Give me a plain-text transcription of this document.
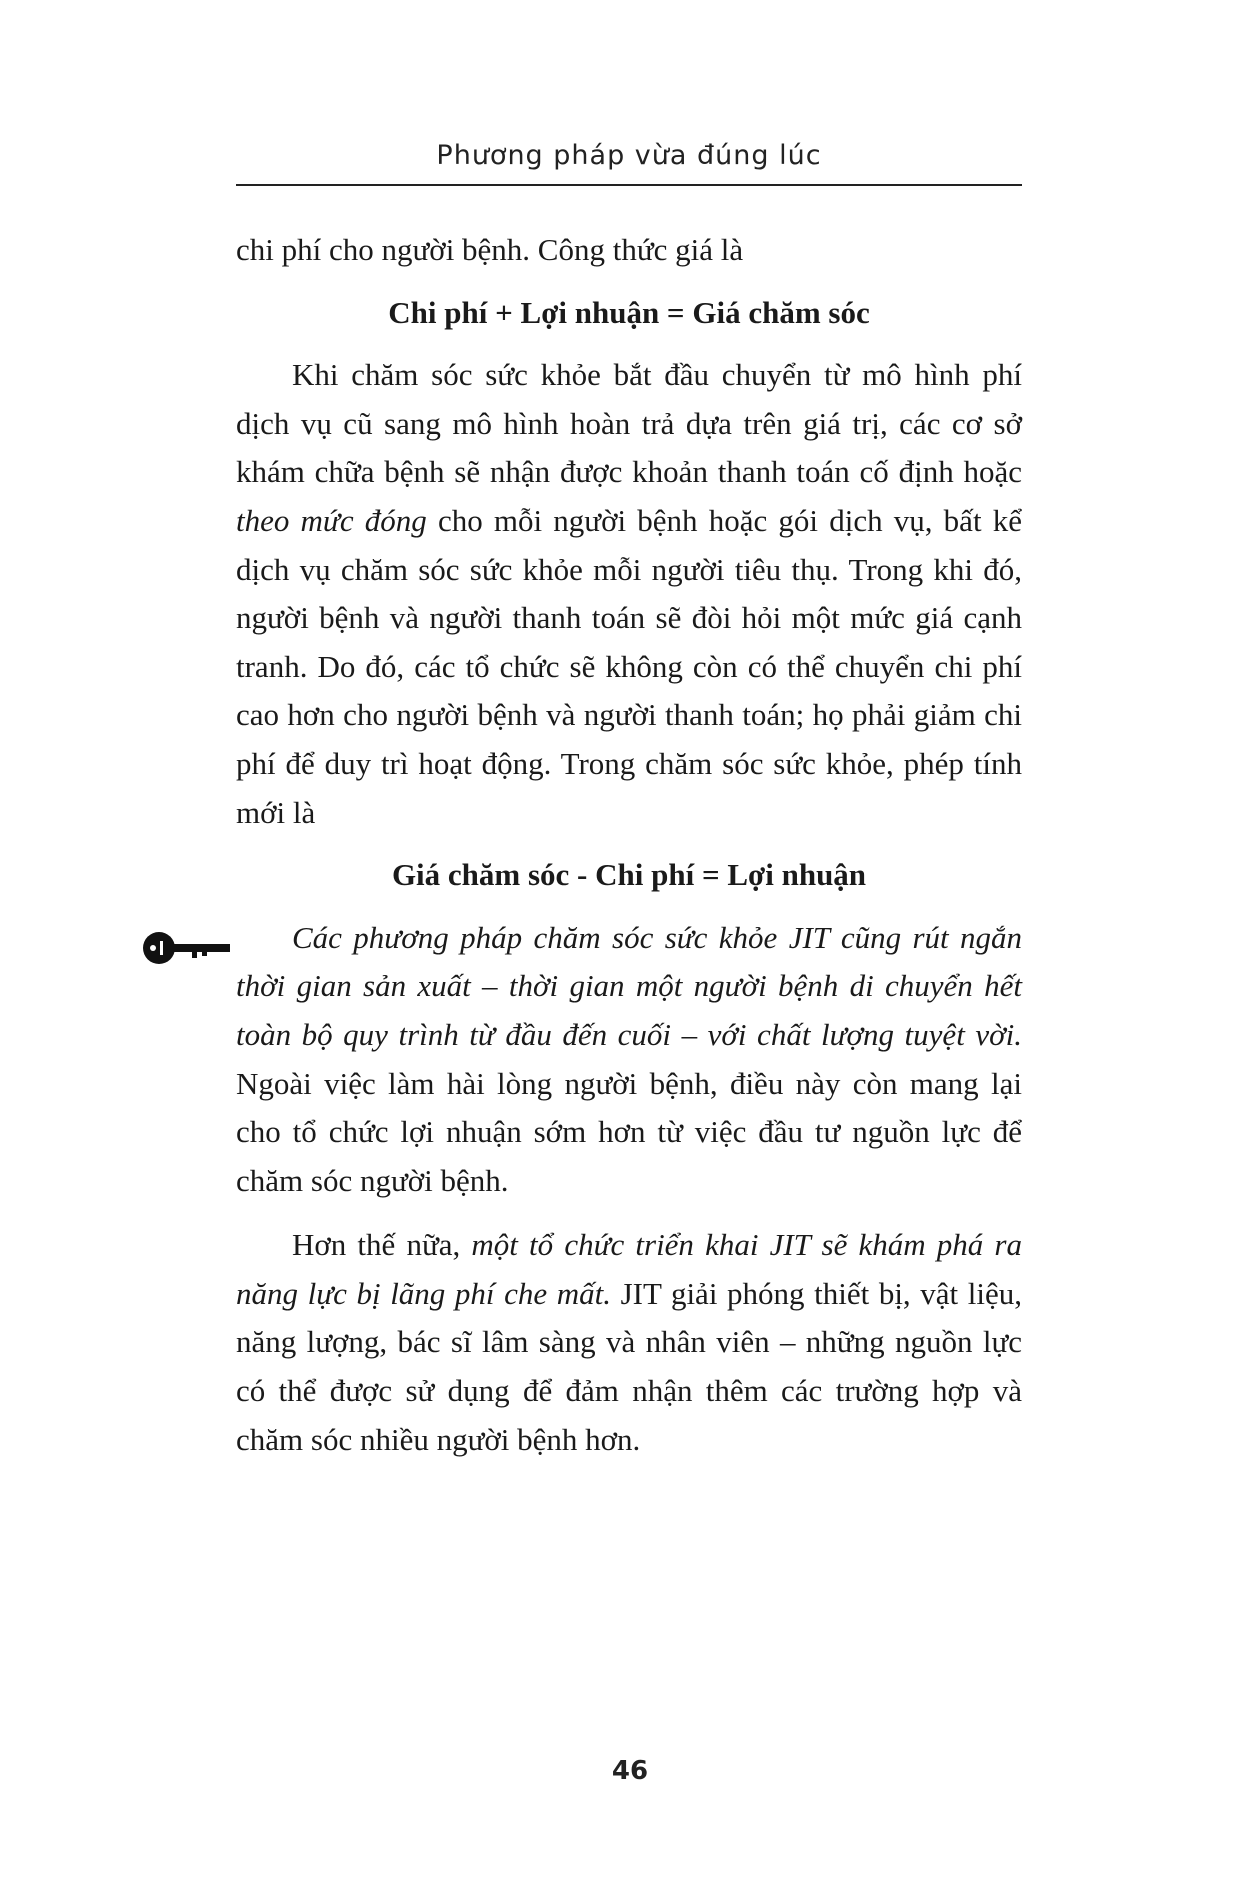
Phương pháp vừa đúng lúc

chi phí cho người bệnh. Công thức giá là

Chi phí + Lợi nhuận = Giá chăm sóc

Khi chăm sóc sức khỏe bắt đầu chuyển từ mô hình phí dịch vụ cũ sang mô hình hoàn trả dựa trên giá trị, các cơ sở khám chữa bệnh sẽ nhận được khoản thanh toán cố định hoặc theo mức đóng cho mỗi người bệnh hoặc gói dịch vụ, bất kể dịch vụ chăm sóc sức khỏe mỗi người tiêu thụ. Trong khi đó, người bệnh và người thanh toán sẽ đòi hỏi một mức giá cạnh tranh. Do đó, các tổ chức sẽ không còn có thể chuyển chi phí cao hơn cho người bệnh và người thanh toán; họ phải giảm chi phí để duy trì hoạt động. Trong chăm sóc sức khỏe, phép tính mới là

Giá chăm sóc - Chi phí = Lợi nhuận

Các phương pháp chăm sóc sức khỏe JIT cũng rút ngắn thời gian sản xuất – thời gian một người bệnh di chuyển hết toàn bộ quy trình từ đầu đến cuối – với chất lượng tuyệt vời. Ngoài việc làm hài lòng người bệnh, điều này còn mang lại cho tổ chức lợi nhuận sớm hơn từ việc đầu tư nguồn lực để chăm sóc người bệnh.

Hơn thế nữa, một tổ chức triển khai JIT sẽ khám phá ra năng lực bị lãng phí che mất. JIT giải phóng thiết bị, vật liệu, năng lượng, bác sĩ lâm sàng và nhân viên – những nguồn lực có thể được sử dụng để đảm nhận thêm các trường hợp và chăm sóc nhiều người bệnh hơn.

46
